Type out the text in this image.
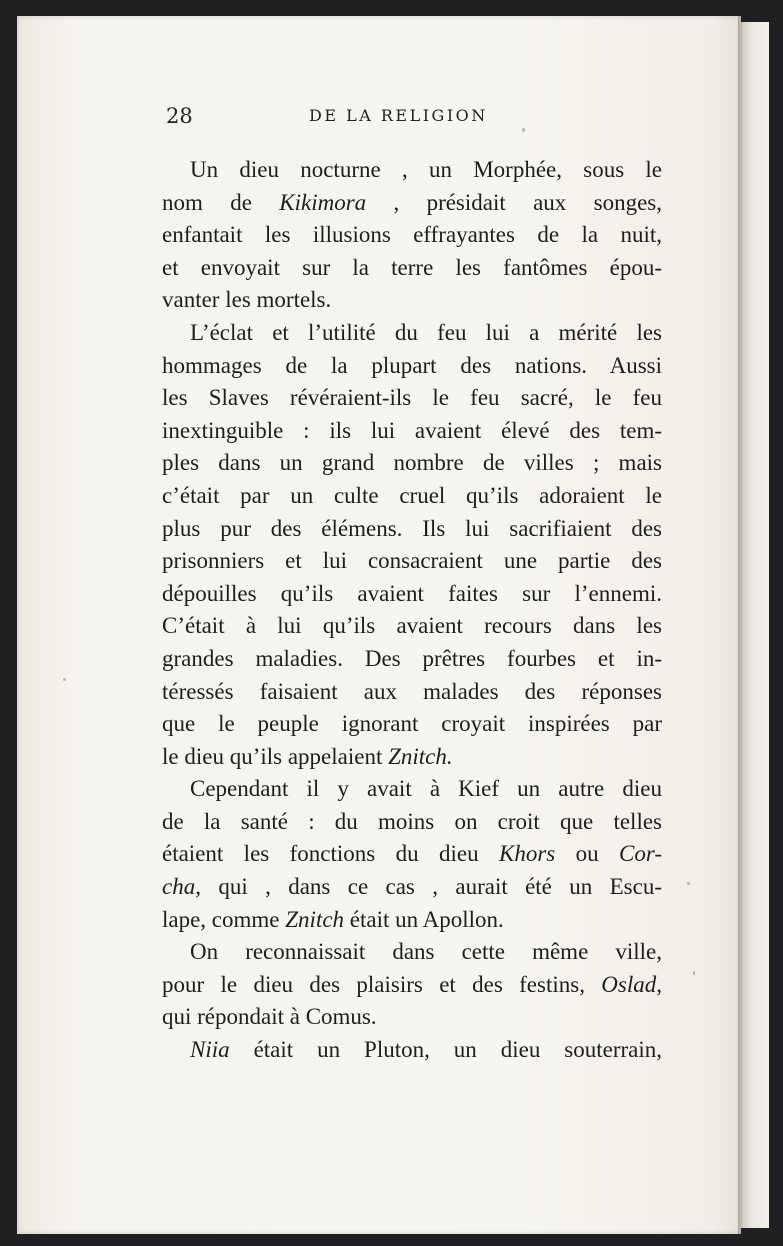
28	DE LA RELIGION
Un dieu nocturne , un Morphée, sous le
nom de Kikimora , présidait aux songes,
enfantait les illusions effrayantes de la nuit,
et envoyait sur la terre les fantômes épou-
vanter les mortels.
L’éclat et l’utilité du feu lui a mérité les
hommages de la plupart des nations. Aussi
les Slaves révéraient-ils le feu sacré, le feu
inextinguible : ils lui avaient élevé des tem-
ples dans un grand nombre de villes ; mais
c’était par un culte cruel qu’ils adoraient le
plus pur des élémens. Ils lui sacrifiaient des
prisonniers et lui consacraient une partie des
dépouilles qu’ils avaient faites sur l’ennemi.
C’était à lui qu’ils avaient recours dans les
grandes maladies. Des prêtres fourbes et in-
téressés faisaient aux malades des réponses
que le peuple ignorant croyait inspirées par
le dieu qu’ils appelaient Znitch.
Cependant il y avait à Kief un autre dieu
de la santé : du moins on croit que telles
étaient les fonctions du dieu Khors ou Cor-
cha, qui , dans ce cas , aurait été un Escu-
lape, comme Znitch était un Apollon.
On reconnaissait dans cette même ville,
pour le dieu des plaisirs et des festins, Oslad,
qui répondait à Comus.
Niia était un Pluton, un dieu souterrain,
